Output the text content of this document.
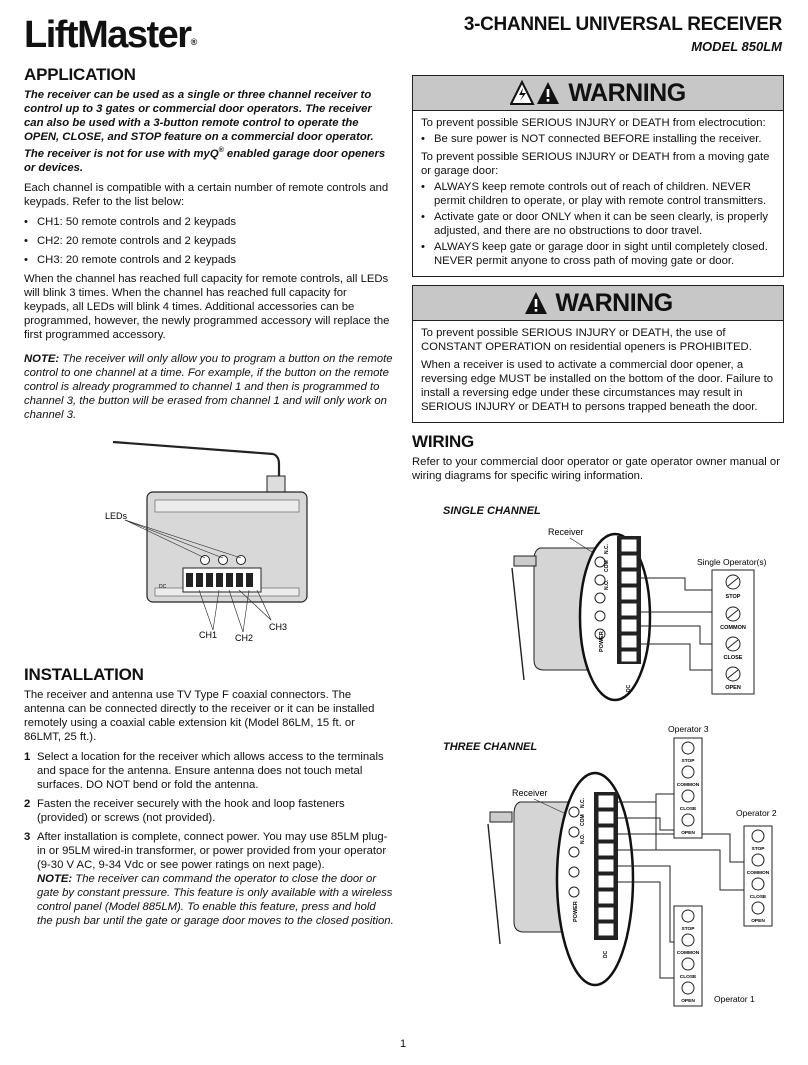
LiftMaster®
3-CHANNEL UNIVERSAL RECEIVER
MODEL 850LM
APPLICATION

The receiver can be used as a single or three channel receiver to control up to 3 gates or commercial door operators. The receiver can also be used with a 3-button remote control to operate the OPEN, CLOSE, and STOP feature on a commercial door operator. The receiver is not for use with myQ® enabled garage door openers or devices.

Each channel is compatible with a certain number of remote controls and keypads. Refer to the list below:

• CH1: 50 remote controls and 2 keypads
• CH2: 20 remote controls and 2 keypads
• CH3: 20 remote controls and 2 keypads

When the channel has reached full capacity for remote controls, all LEDs will blink 3 times. When the channel has reached full capacity for keypads, all LEDs will blink 4 times. Additional accessories can be programmed, however, the newly programmed accessory will replace the first programmed accessory.

NOTE: The receiver will only allow you to program a button on the remote control to one channel at a time. For example, if the button on the remote control is already programmed to channel 1 and then is programmed to channel 3, the button will be erased from channel 1 and will only work on channel 3.

DC
LEDs
CH1 CH2
CH3
INSTALLATION

The receiver and antenna use TV Type F coaxial connectors. The antenna can be connected directly to the receiver or it can be installed remotely using a coaxial cable extension kit (Model 86LM, 15 ft. or 86LMT, 25 ft.).

1 Select a location for the receiver which allows access to the terminals and space for the antenna. Ensure antenna does not touch metal surfaces. DO NOT bend or fold the antenna.
2 Fasten the receiver securely with the hook and loop fasteners (provided) or screws (not provided).
3 After installation is complete, connect power. You may use 85LM plug-in or 95LM wired-in transformer, or power provided from your operator (9-30 V AC, 9-34 Vdc or see power ratings on next page).
NOTE: The receiver can command the operator to close the door or gate by constant pressure. This feature is only available with a wireless control panel (Model 885LM). To enable this feature, press and hold the push bar until the gate or garage door moves to the closed position.
WARNING

To prevent possible SERIOUS INJURY or DEATH from electrocution:

• Be sure power is NOT connected BEFORE installing the receiver.

To prevent possible SERIOUS INJURY or DEATH from a moving gate or garage door:

• ALWAYS keep remote controls out of reach of children. NEVER permit children to operate, or play with remote control transmitters.
• Activate gate or door ONLY when it can be seen clearly, is properly adjusted, and there are no obstructions to door travel.
• ALWAYS keep gate or garage door in sight until completely closed. NEVER permit anyone to cross path of moving gate or door.
WARNING

To prevent possible SERIOUS INJURY or DEATH, the use of CONSTANT OPERATION on residential openers is PROHIBITED.

When a receiver is used to activate a commercial door opener, a reversing edge MUST be installed on the bottom of the door. Failure to install a reversing edge under these circumstances may result in SERIOUS INJURY or DEATH to persons trapped beneath the door.

WIRING

Refer to your commercial door operator or gate operator owner manual or wiring diagrams for specific wiring information.

SINGLE CHANNEL
THREE CHANNEL
POWER
N.C.
COM
N.O.
DC
STOP
COMMON
CLOSE
OPEN
Receiver
Single Operator(s)
POWER
N.C.
COM
N.O.
DC
STOP
COMMON
CLOSE
OPEN
STOP
COMMON
CLOSE
OPEN
STOP
COMMON
CLOSE
OPEN
Operator 3
Operator 2
Operator 1
Receiver
1
